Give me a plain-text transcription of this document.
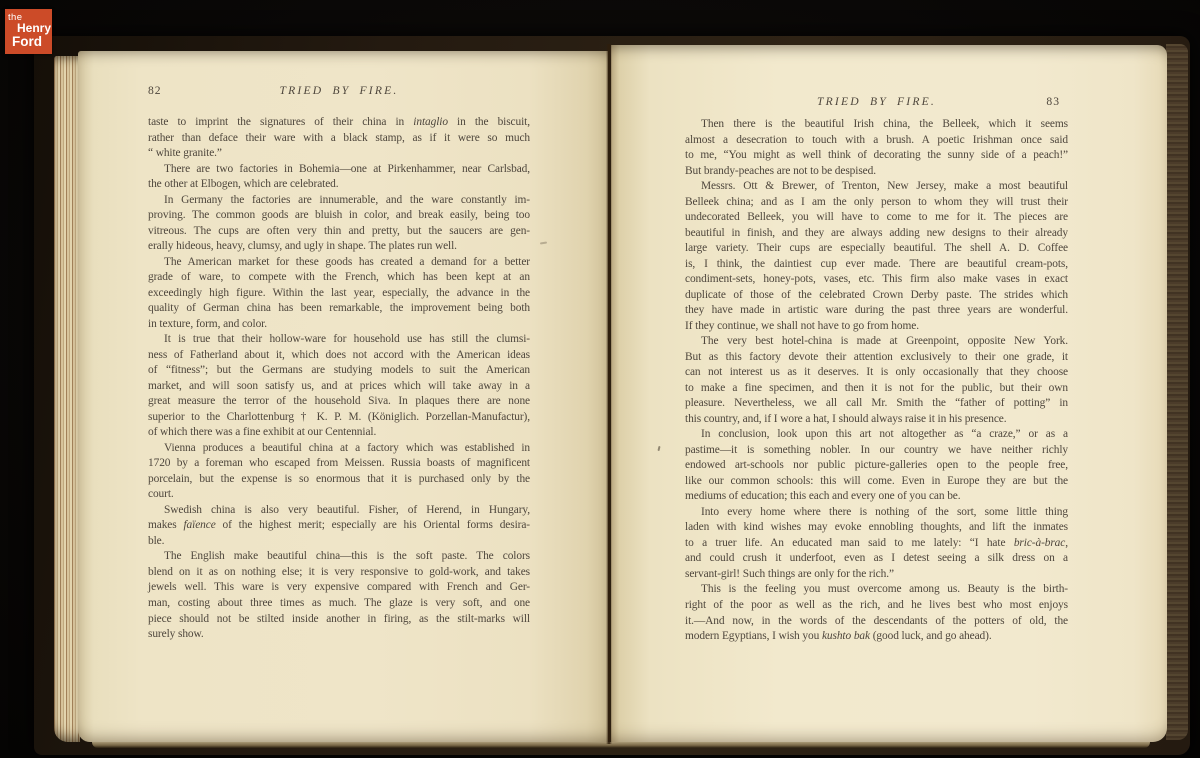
82	TRIED BY FIRE.
TRIED BY FIRE.	83
taste to imprint the signatures of their china in intaglio in the biscuit,
rather than deface their ware with a black stamp, as if it were so much
“ white granite.”
There are two factories in Bohemia—one at Pirkenhammer, near Carlsbad,
the other at Elbogen, which are celebrated.
In Germany the factories are innumerable, and the ware constantly im-
proving. The common goods are bluish in color, and break easily, being too
vitreous. The cups are often very thin and pretty, but the saucers are gen-
erally hideous, heavy, clumsy, and ugly in shape. The plates run well.
The American market for these goods has created a demand for a better
grade of ware, to compete with the French, which has been kept at an
exceedingly high figure. Within the last year, especially, the advance in the
quality of German china has been remarkable, the improvement being both
in texture, form, and color.
It is true that their hollow-ware for household use has still the clumsi-
ness of Fatherland about it, which does not accord with the American ideas
of “fitness”; but the Germans are studying models to suit the American
market, and will soon satisfy us, and at prices which will take away in a
great measure the terror of the household Siva. In plaques there are none
superior to the Charlottenburg † K. P. M. (Königlich. Porzellan-Manufactur),
of which there was a fine exhibit at our Centennial.
Vienna produces a beautiful china at a factory which was established in
1720 by a foreman who escaped from Meissen. Russia boasts of magnificent
porcelain, but the expense is so enormous that it is purchased only by the
court.
Swedish china is also very beautiful. Fisher, of Herend, in Hungary,
makes faïence of the highest merit; especially are his Oriental forms desira-
ble.
The English make beautiful china—this is the soft paste. The colors
blend on it as on nothing else; it is very responsive to gold-work, and takes
jewels well. This ware is very expensive compared with French and Ger-
man, costing about three times as much. The glaze is very soft, and one
piece should not be stilted inside another in firing, as the stilt-marks will
surely show.
Then there is the beautiful Irish china, the Belleek, which it seems
almost a desecration to touch with a brush. A poetic Irishman once said
to me, “You might as well think of decorating the sunny side of a peach!”
But brandy-peaches are not to be despised.
Messrs. Ott & Brewer, of Trenton, New Jersey, make a most beautiful
Belleek china; and as I am the only person to whom they will trust their
undecorated Belleek, you will have to come to me for it. The pieces are
beautiful in finish, and they are always adding new designs to their already
large variety. Their cups are especially beautiful. The shell A. D. Coffee
is, I think, the daintiest cup ever made. There are beautiful cream-pots,
condiment-sets, honey-pots, vases, etc. This firm also make vases in exact
duplicate of those of the celebrated Crown Derby paste. The strides which
they have made in artistic ware during the past three years are wonderful.
If they continue, we shall not have to go from home.
The very best hotel-china is made at Greenpoint, opposite New York.
But as this factory devote their attention exclusively to their one grade, it
can not interest us as it deserves. It is only occasionally that they choose
to make a fine specimen, and then it is not for the public, but their own
pleasure. Nevertheless, we all call Mr. Smith the “father of potting” in
this country, and, if I wore a hat, I should always raise it in his presence.
In conclusion, look upon this art not altogether as “a craze,” or as a
pastime—it is something nobler. In our country we have neither richly
endowed art-schools nor public picture-galleries open to the people free,
like our common schools: this will come. Even in Europe they are but the
mediums of education; this each and every one of you can be.
Into every home where there is nothing of the sort, some little thing
laden with kind wishes may evoke ennobling thoughts, and lift the inmates
to a truer life. An educated man said to me lately: “I hate bric-à-brac,
and could crush it underfoot, even as I detest seeing a silk dress on a
servant-girl! Such things are only for the rich.”
This is the feeling you must overcome among us. Beauty is the birth-
right of the poor as well as the rich, and he lives best who most enjoys
it.—And now, in the words of the descendants of the potters of old, the
modern Egyptians, I wish you kushto bak (good luck, and go ahead).
the
Henry
Ford
